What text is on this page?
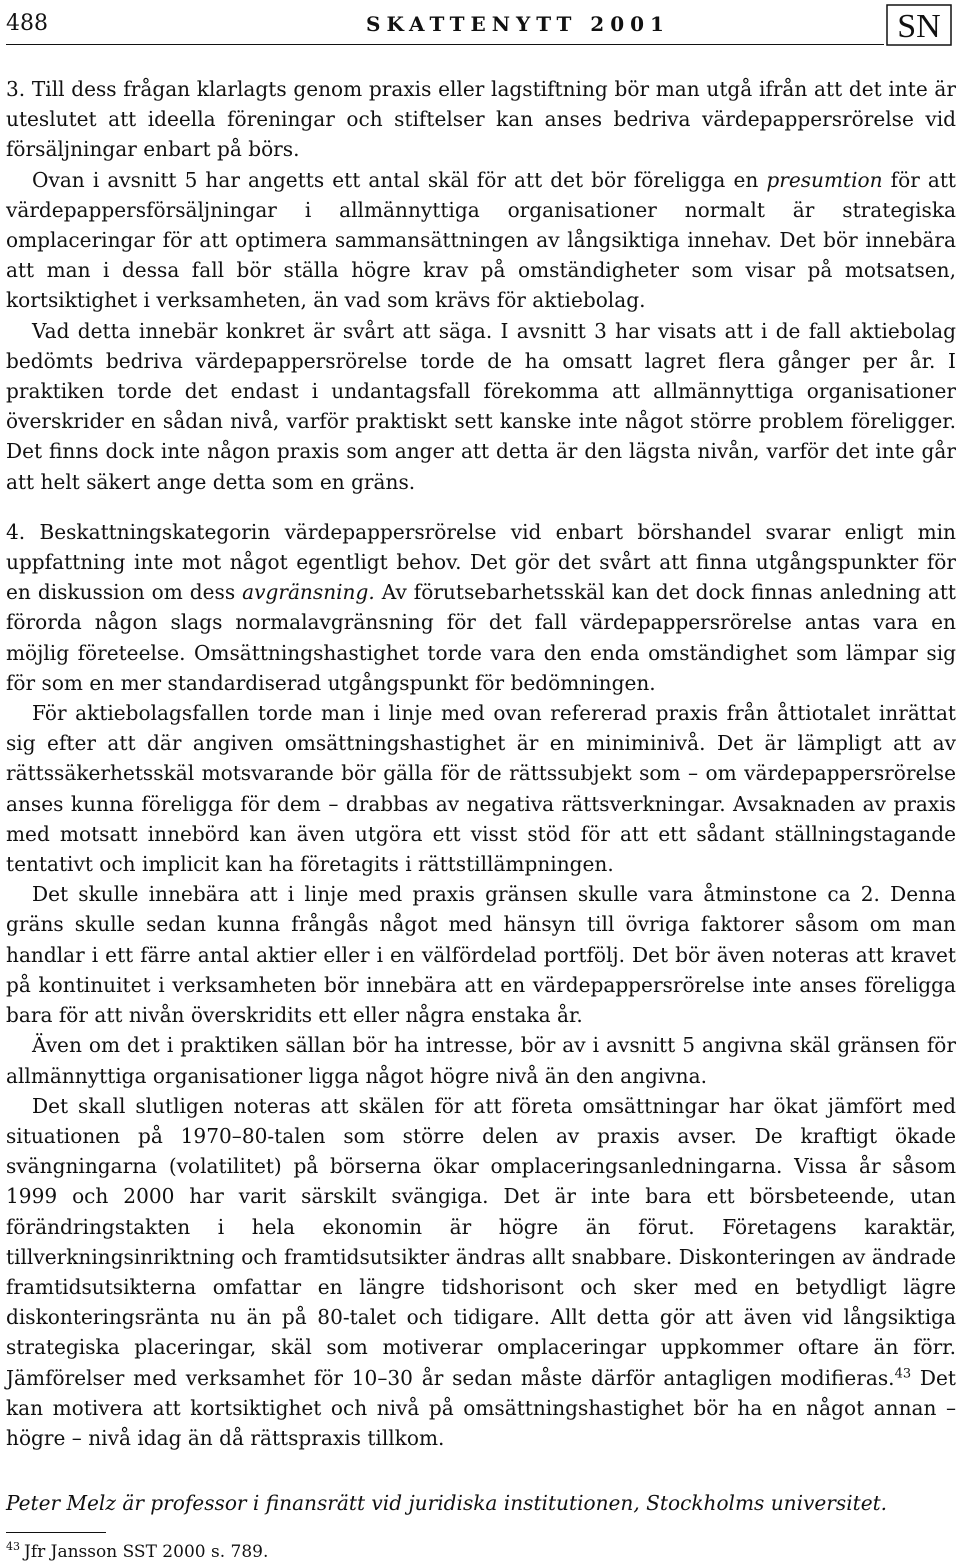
488	SKATTENYTT 2001	SN

3. Till dess frågan klarlagts genom praxis eller lagstiftning bör man utgå ifrån att det inte är uteslutet att ideella föreningar och stiftelser kan anses bedriva värdepappersrörelse vid försäljningar enbart på börs.

Ovan i avsnitt 5 har angetts ett antal skäl för att det bör föreligga en presumtion för att värdepappersförsäljningar i allmännyttiga organisationer normalt är strategiska omplaceringar för att optimera sammansättningen av långsiktiga innehav. Det bör innebära att man i dessa fall bör ställa högre krav på omständigheter som visar på motsatsen, kortsiktighet i verksamheten, än vad som krävs för aktiebolag.

Vad detta innebär konkret är svårt att säga. I avsnitt 3 har visats att i de fall aktiebolag bedömts bedriva värdepappersrörelse torde de ha omsatt lagret flera gånger per år. I praktiken torde det endast i undantagsfall förekomma att allmännyttiga organisationer överskrider en sådan nivå, varför praktiskt sett kanske inte något större problem föreligger. Det finns dock inte någon praxis som anger att detta är den lägsta nivån, varför det inte går att helt säkert ange detta som en gräns.

4. Beskattningskategorin värdepappersrörelse vid enbart börshandel svarar enligt min uppfattning inte mot något egentligt behov. Det gör det svårt att finna utgångspunkter för en diskussion om dess avgränsning. Av förutsebarhetsskäl kan det dock finnas anledning att förorda någon slags normalavgränsning för det fall värdepappersrörelse antas vara en möjlig företeelse. Omsättningshastighet torde vara den enda omständighet som lämpar sig för som en mer standardiserad utgångspunkt för bedömningen.

För aktiebolagsfallen torde man i linje med ovan refererad praxis från åttiotalet inrättat sig efter att där angiven omsättningshastighet är en miniminivå. Det är lämpligt att av rättssäkerhetsskäl motsvarande bör gälla för de rättssubjekt som – om värdepappersrörelse anses kunna föreligga för dem – drabbas av negativa rättsverkningar. Avsaknaden av praxis med motsatt innebörd kan även utgöra ett visst stöd för att ett sådant ställningstagande tentativt och implicit kan ha företagits i rättstillämpningen.

Det skulle innebära att i linje med praxis gränsen skulle vara åtminstone ca 2. Denna gräns skulle sedan kunna frångås något med hänsyn till övriga faktorer såsom om man handlar i ett färre antal aktier eller i en välfördelad portfölj. Det bör även noteras att kravet på kontinuitet i verksamheten bör innebära att en värdepappersrörelse inte anses föreligga bara för att nivån överskridits ett eller några enstaka år.

Även om det i praktiken sällan bör ha intresse, bör av i avsnitt 5 angivna skäl gränsen för allmännyttiga organisationer ligga något högre nivå än den angivna.

Det skall slutligen noteras att skälen för att företa omsättningar har ökat jämfört med situationen på 1970–80-talen som större delen av praxis avser. De kraftigt ökade svängningarna (volatilitet) på börserna ökar omplaceringsanledningarna. Vissa år såsom 1999 och 2000 har varit särskilt svängiga. Det är inte bara ett börsbeteende, utan förändringstakten i hela ekonomin är högre än förut. Företagens karaktär, tillverkningsinriktning och framtidsutsikter ändras allt snabbare. Diskonteringen av ändrade framtidsutsikterna omfattar en längre tidshorisont och sker med en betydligt lägre diskonteringsränta nu än på 80-talet och tidigare. Allt detta gör att även vid långsiktiga strategiska placeringar, skäl som motiverar omplaceringar uppkommer oftare än förr. Jämförelser med verksamhet för 10–30 år sedan måste därför antagligen modifieras.$^{43}$ Det kan motivera att kortsiktighet och nivå på omsättningshastighet bör ha en något annan – högre – nivå idag än då rättspraxis tillkom.

Peter Melz är professor i finansrätt vid juridiska institutionen, Stockholms universitet.
$^{43}$ Jfr Jansson SST 2000 s. 789.
